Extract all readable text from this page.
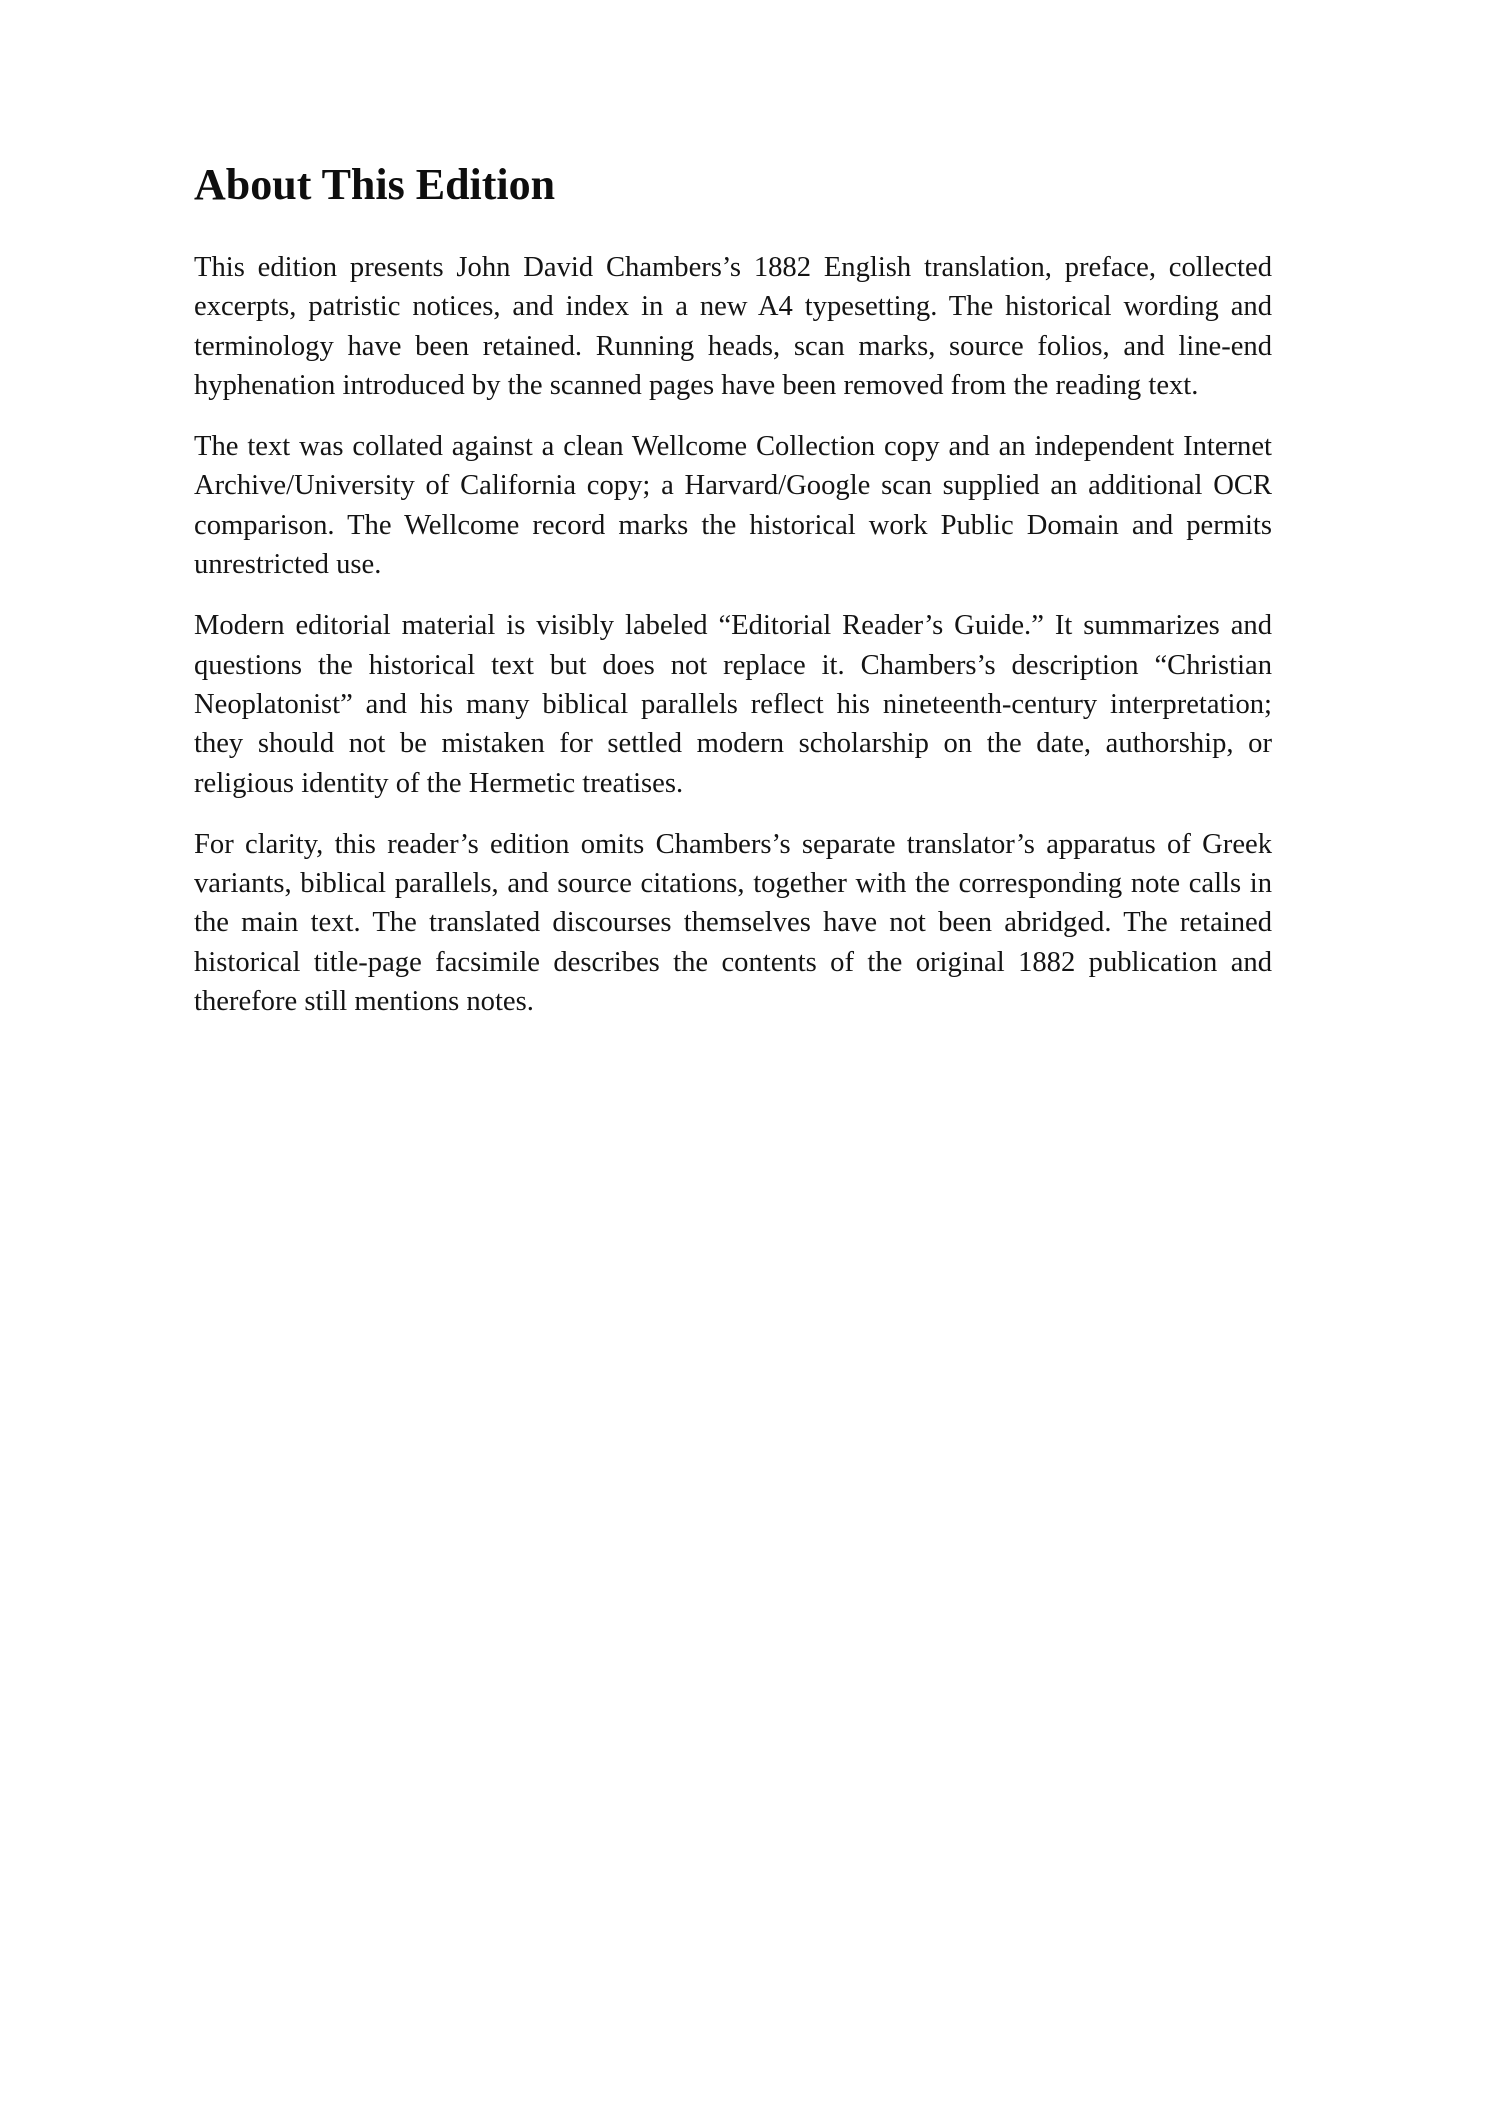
About This Edition

This edition presents John David Chambers’s 1882 English translation, preface, collected excerpts, patristic notices, and index in a new A4 typesetting. The historical wording and terminology have been retained. Running heads, scan marks, source folios, and line-end hyphenation introduced by the scanned pages have been removed from the reading text.

The text was collated against a clean Wellcome Collection copy and an independent Internet Archive/University of California copy; a Harvard/Google scan supplied an additional OCR comparison. The Wellcome record marks the historical work Public Domain and permits unrestricted use.

Modern editorial material is visibly labeled “Editorial Reader’s Guide.” It summarizes and questions the historical text but does not replace it. Chambers’s description “Christian Neoplatonist” and his many biblical parallels reflect his nineteenth-century interpretation; they should not be mistaken for settled modern scholarship on the date, authorship, or religious identity of the Hermetic treatises.

For clarity, this reader’s edition omits Chambers’s separate translator’s apparatus of Greek variants, biblical parallels, and source citations, together with the corresponding note calls in the main text. The translated discourses themselves have not been abridged. The retained historical title-page facsimile describes the contents of the original 1882 publication and therefore still mentions notes.
